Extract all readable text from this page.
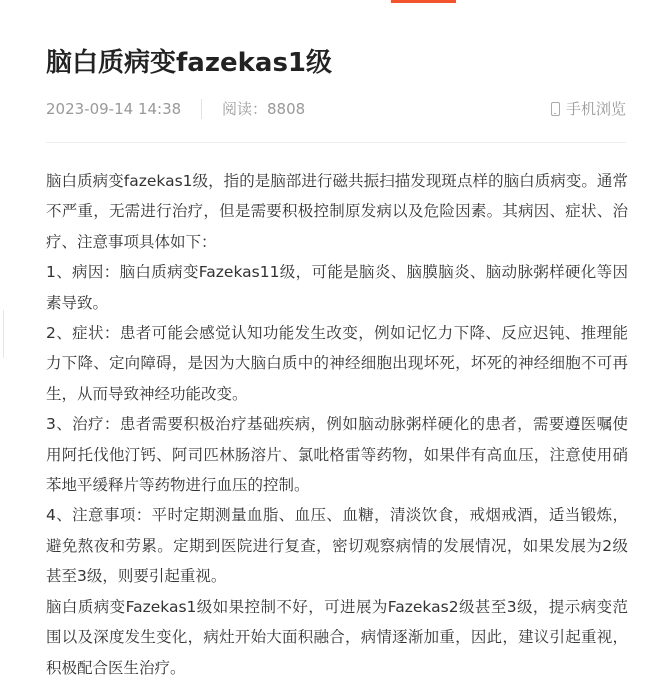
脑白质病变fazekas1级
2023-09-14 14:38	阅读：8808	手机浏览

脑白质病变fazekas1级，指的是脑部进行磁共振扫描发现斑点样的脑白质病变。通常不严重，无需进行治疗，但是需要积极控制原发病以及危险因素。其病因、症状、治疗、注意事项具体如下：

1、病因：脑白质病变Fazekas11级，可能是脑炎、脑膜脑炎、脑动脉粥样硬化等因素导致。

2、症状：患者可能会感觉认知功能发生改变，例如记忆力下降、反应迟钝、推理能力下降、定向障碍，是因为大脑白质中的神经细胞出现坏死，坏死的神经细胞不可再生，从而导致神经功能改变。

3、治疗：患者需要积极治疗基础疾病，例如脑动脉粥样硬化的患者，需要遵医嘱使用阿托伐他汀钙、阿司匹林肠溶片、氯吡格雷等药物，如果伴有高血压，注意使用硝苯地平缓释片等药物进行血压的控制。

4、注意事项：平时定期测量血脂、血压、血糖，清淡饮食，戒烟戒酒，适当锻炼，避免熬夜和劳累。定期到医院进行复查，密切观察病情的发展情况，如果发展为2级甚至3级，则要引起重视。

脑白质病变Fazekas1级如果控制不好，可进展为Fazekas2级甚至3级，提示病变范围以及深度发生变化，病灶开始大面积融合，病情逐渐加重，因此，建议引起重视，积极配合医生治疗。
